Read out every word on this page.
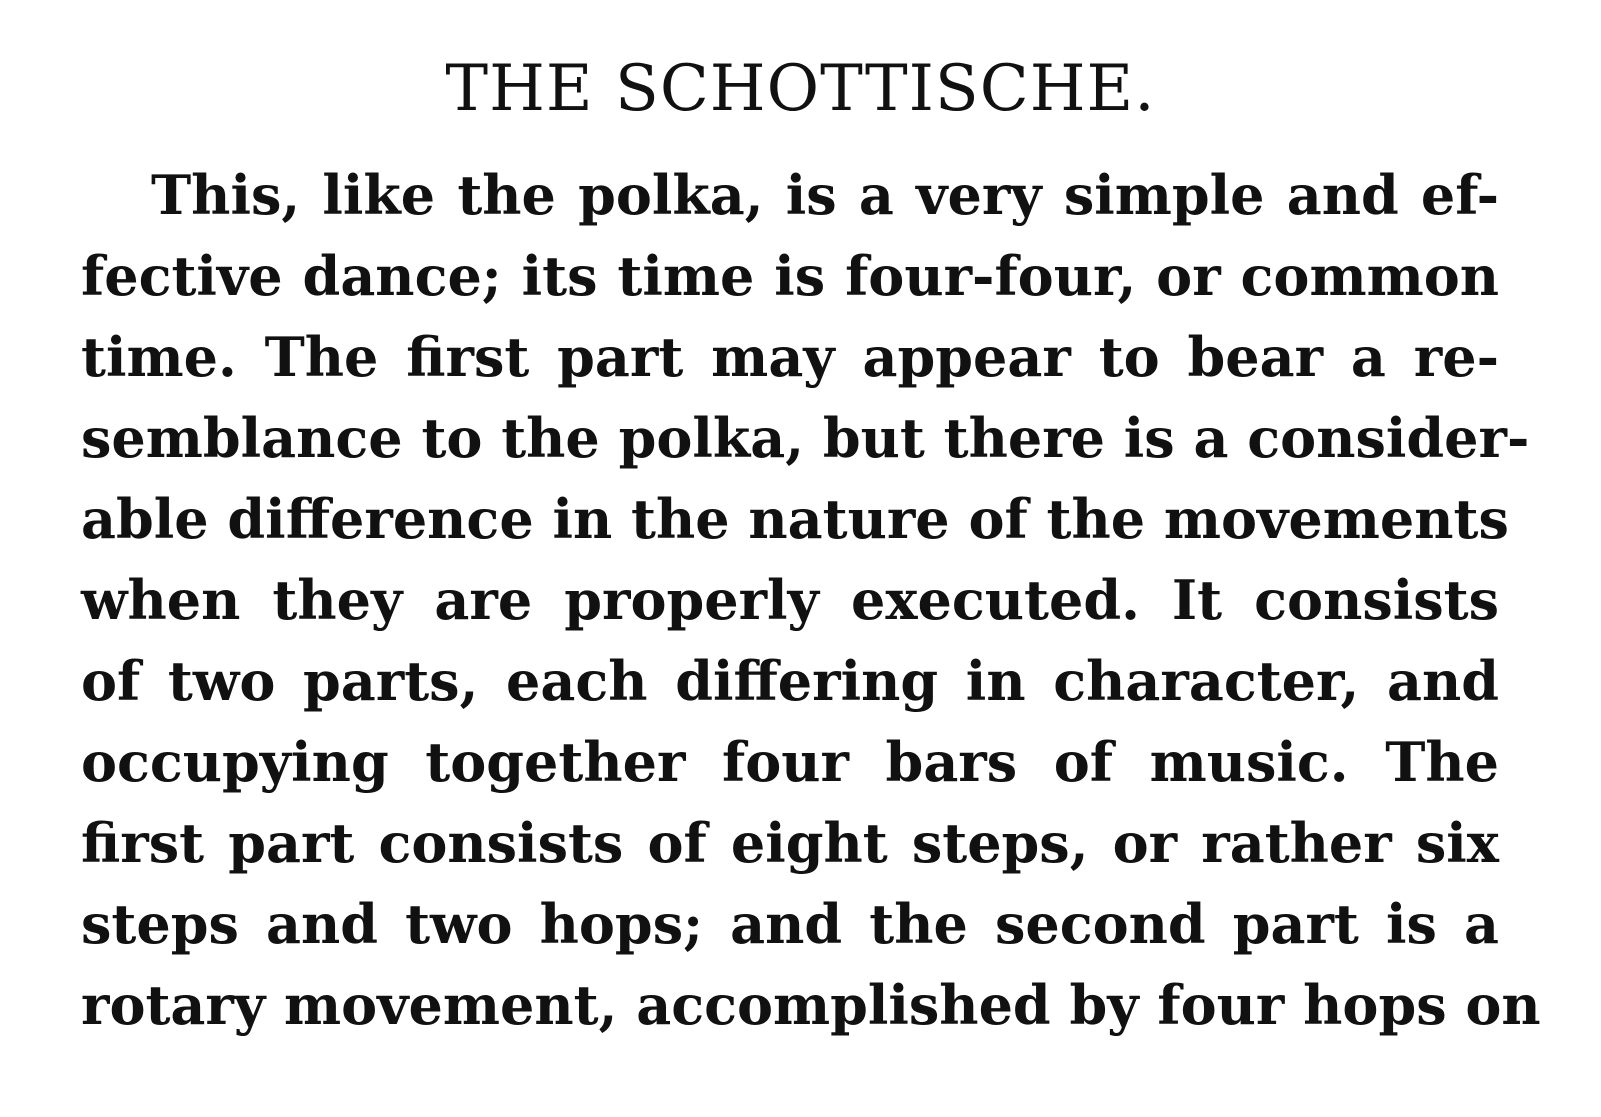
THE SCHOTTISCHE.
This, like the polka, is a very simple and ef-
fective dance; its time is four-four, or common
time. The first part may appear to bear a re-
semblance to the polka, but there is a consider-
able difference in the nature of the movements
when they are properly executed. It consists
of two parts, each differing in character, and
occupying together four bars of music. The
first part consists of eight steps, or rather six
steps and two hops; and the second part is a
rotary movement, accomplished by four hops on
